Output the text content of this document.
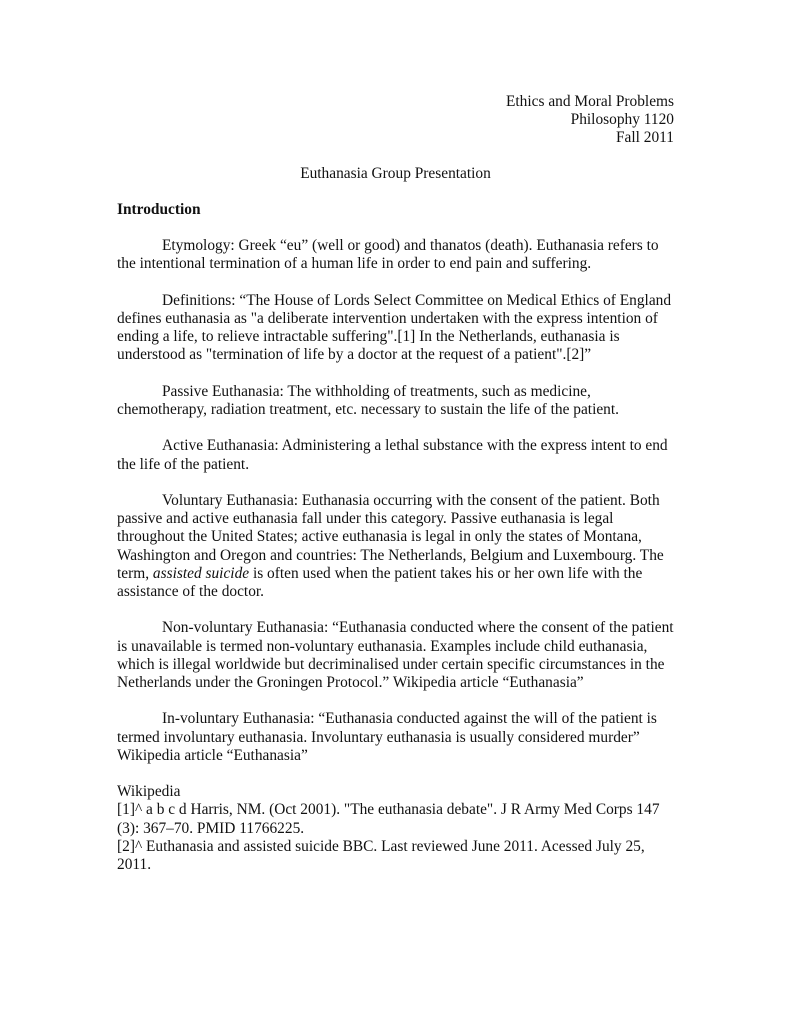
Ethics and Moral Problems
Philosophy 1120
Fall 2011
Euthanasia Group Presentation
Introduction

Etymology: Greek “eu” (well or good) and thanatos (death). Euthanasia refers to the intentional termination of a human life in order to end pain and suffering.

Definitions: “The House of Lords Select Committee on Medical Ethics of England defines euthanasia as "a deliberate intervention undertaken with the express intention of ending a life, to relieve intractable suffering".[1] In the Netherlands, euthanasia is understood as "termination of life by a doctor at the request of a patient".[2]”

Passive Euthanasia: The withholding of treatments, such as medicine, chemotherapy, radiation treatment, etc. necessary to sustain the life of the patient.

Active Euthanasia: Administering a lethal substance with the express intent to end the life of the patient.

Voluntary Euthanasia: Euthanasia occurring with the consent of the patient. Both passive and active euthanasia fall under this category. Passive euthanasia is legal throughout the United States; active euthanasia is legal in only the states of Montana, Washington and Oregon and countries: The Netherlands, Belgium and Luxembourg. The term, assisted suicide is often used when the patient takes his or her own life with the assistance of the doctor.

Non-voluntary Euthanasia: “Euthanasia conducted where the consent of the patient is unavailable is termed non-voluntary euthanasia. Examples include child euthanasia, which is illegal worldwide but decriminalised under certain specific circumstances in the Netherlands under the Groningen Protocol.” Wikipedia article “Euthanasia”

In-voluntary Euthanasia: “Euthanasia conducted against the will of the patient is termed involuntary euthanasia. Involuntary euthanasia is usually considered murder” Wikipedia article “Euthanasia”

Wikipedia

[1]^ a b c d Harris, NM. (Oct 2001). "The euthanasia debate". J R Army Med Corps 147 (3): 367–70. PMID 11766225.

[2]^ Euthanasia and assisted suicide BBC. Last reviewed June 2011. Acessed July 25, 2011.
